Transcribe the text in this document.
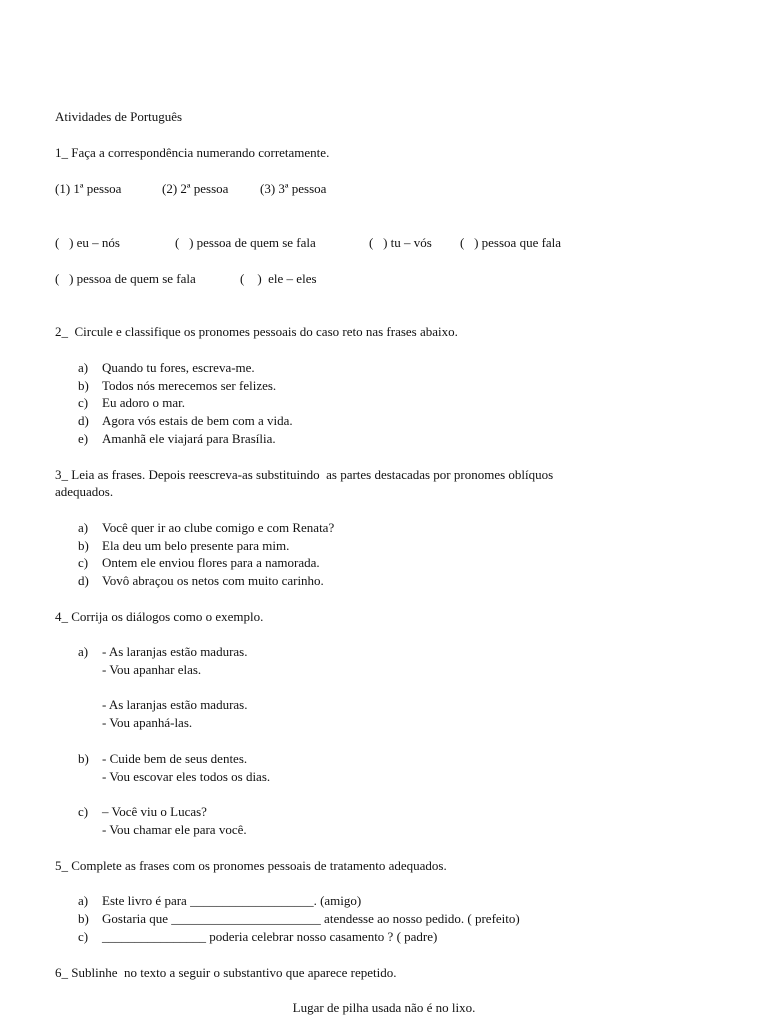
Atividades de Português
1_ Faça a correspondência numerando corretamente.
(1) 1ª pessoa	(2) 2ª pessoa (3) 3ª pessoa
(   ) eu – nós	(   ) pessoa de quem se fala	(   ) tu – vós (   ) pessoa que fala
(   ) pessoa de quem se fala	(    )  ele – eles
2_  Circule e classifique os pronomes pessoais do caso reto nas frases abaixo.
a) Quando tu fores, escreva-me.
b) Todos nós merecemos ser felizes.
c) Eu adoro o mar.
d) Agora vós estais de bem com a vida.
e) Amanhã ele viajará para Brasília.
3_ Leia as frases. Depois reescreva-as substituindo  as partes destacadas por pronomes oblíquos
adequados.
a) Você quer ir ao clube comigo e com Renata?
b) Ela deu um belo presente para mim.
c) Ontem ele enviou flores para a namorada.
d) Vovô abraçou os netos com muito carinho.
4_ Corrija os diálogos como o exemplo.
a) - As laranjas estão maduras.
- Vou apanhar elas.
- As laranjas estão maduras.
- Vou apanhá-las.
b) - Cuide bem de seus dentes.
- Vou escovar eles todos os dias.
c) – Você viu o Lucas?
- Vou chamar ele para você.
5_ Complete as frases com os pronomes pessoais de tratamento adequados.
a) Este livro é para ___________________. (amigo)
b) Gostaria que _______________________ atendesse ao nosso pedido. ( prefeito)
c) ________________ poderia celebrar nosso casamento ? ( padre)
6_ Sublinhe  no texto a seguir o substantivo que aparece repetido.
Lugar de pilha usada não é no lixo.
